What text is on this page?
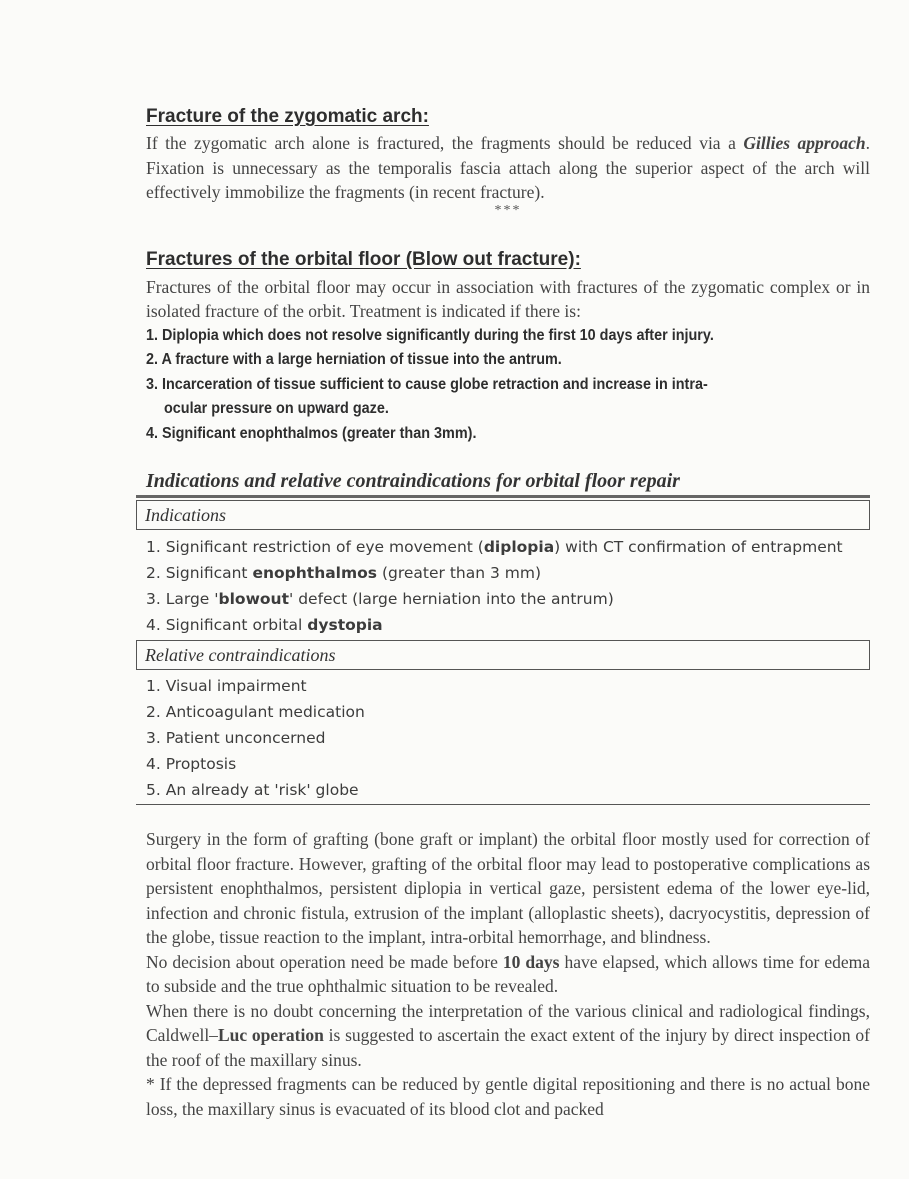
Fracture of the zygomatic arch:

If the zygomatic arch alone is fractured, the fragments should be reduced via a Gillies approach. Fixation is unnecessary as the temporalis fascia attach along the superior aspect of the arch will effectively immobilize the fragments (in recent fracture).

***
Fractures of the orbital floor (Blow out fracture):
Fractures of the orbital floor may occur in association with fractures of the zygomatic complex or in isolated fracture of the orbit. Treatment is indicated if there is:
1. Diplopia which does not resolve significantly during the first 10 days after injury.
2. A fracture with a large herniation of tissue into the antrum.
3. Incarceration of tissue sufficient to cause globe retraction and increase in intra-
ocular pressure on upward gaze.
4. Significant enophthalmos (greater than 3mm).
Indications and relative contraindications for orbital floor repair
Indications
1. Significant restriction of eye movement (diplopia) with CT confirmation of entrapment
2. Significant enophthalmos (greater than 3 mm)
3. Large 'blowout' defect (large herniation into the antrum)
4. Significant orbital dystopia
Relative contraindications
1. Visual impairment
2. Anticoagulant medication
3. Patient unconcerned
4. Proptosis
5. An already at 'risk' globe

Surgery in the form of grafting (bone graft or implant) the orbital floor mostly used for correction of orbital floor fracture. However, grafting of the orbital floor may lead to postoperative complications as persistent enophthalmos, persistent diplopia in vertical gaze, persistent edema of the lower eye-lid, infection and chronic fistula, extrusion of the implant (alloplastic sheets), dacryocystitis, depression of the globe, tissue reaction to the implant, intra-orbital hemorrhage, and blindness.

No decision about operation need be made before 10 days have elapsed, which allows time for edema to subside and the true ophthalmic situation to be revealed.

When there is no doubt concerning the interpretation of the various clinical and radiological findings, Caldwell–Luc operation is suggested to ascertain the exact extent of the injury by direct inspection of the roof of the maxillary sinus.

* If the depressed fragments can be reduced by gentle digital repositioning and there is no actual bone loss, the maxillary sinus is evacuated of its blood clot and packed
